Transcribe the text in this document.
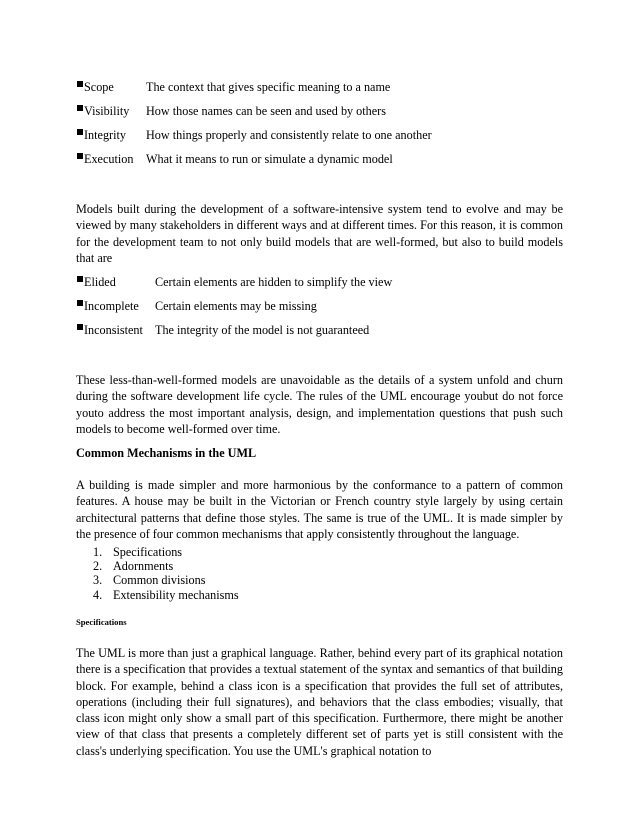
Scope	The context that gives specific meaning to a name
Visibility	How those names can be seen and used by others
Integrity	How things properly and consistently relate to one another
Execution	What it means to run or simulate a dynamic model

Models built during the development of a software-intensive system tend to evolve and may be viewed by many stakeholders in different ways and at different times. For this reason, it is common for the development team to not only build models that are well-formed, but also to build models that are

Elided	Certain elements are hidden to simplify the view
Incomplete	Certain elements may be missing
Inconsistent	The integrity of the model is not guaranteed

These less-than-well-formed models are unavoidable as the details of a system unfold and churn during the software development life cycle. The rules of the UML encourage youbut do not force youto address the most important analysis, design, and implementation questions that push such models to become well-formed over time.

Common Mechanisms in the UML

A building is made simpler and more harmonious by the conformance to a pattern of common features. A house may be built in the Victorian or French country style largely by using certain architectural patterns that define those styles. The same is true of the UML. It is made simpler by the presence of four common mechanisms that apply consistently throughout the language.

1. Specifications
2. Adornments
3. Common divisions
4. Extensibility mechanisms
Specifications

The UML is more than just a graphical language. Rather, behind every part of its graphical notation there is a specification that provides a textual statement of the syntax and semantics of that building block. For example, behind a class icon is a specification that provides the full set of attributes, operations (including their full signatures), and behaviors that the class embodies; visually, that class icon might only show a small part of this specification. Furthermore, there might be another view of that class that presents a completely different set of parts yet is still consistent with the class's underlying specification. You use the UML's graphical notation to
